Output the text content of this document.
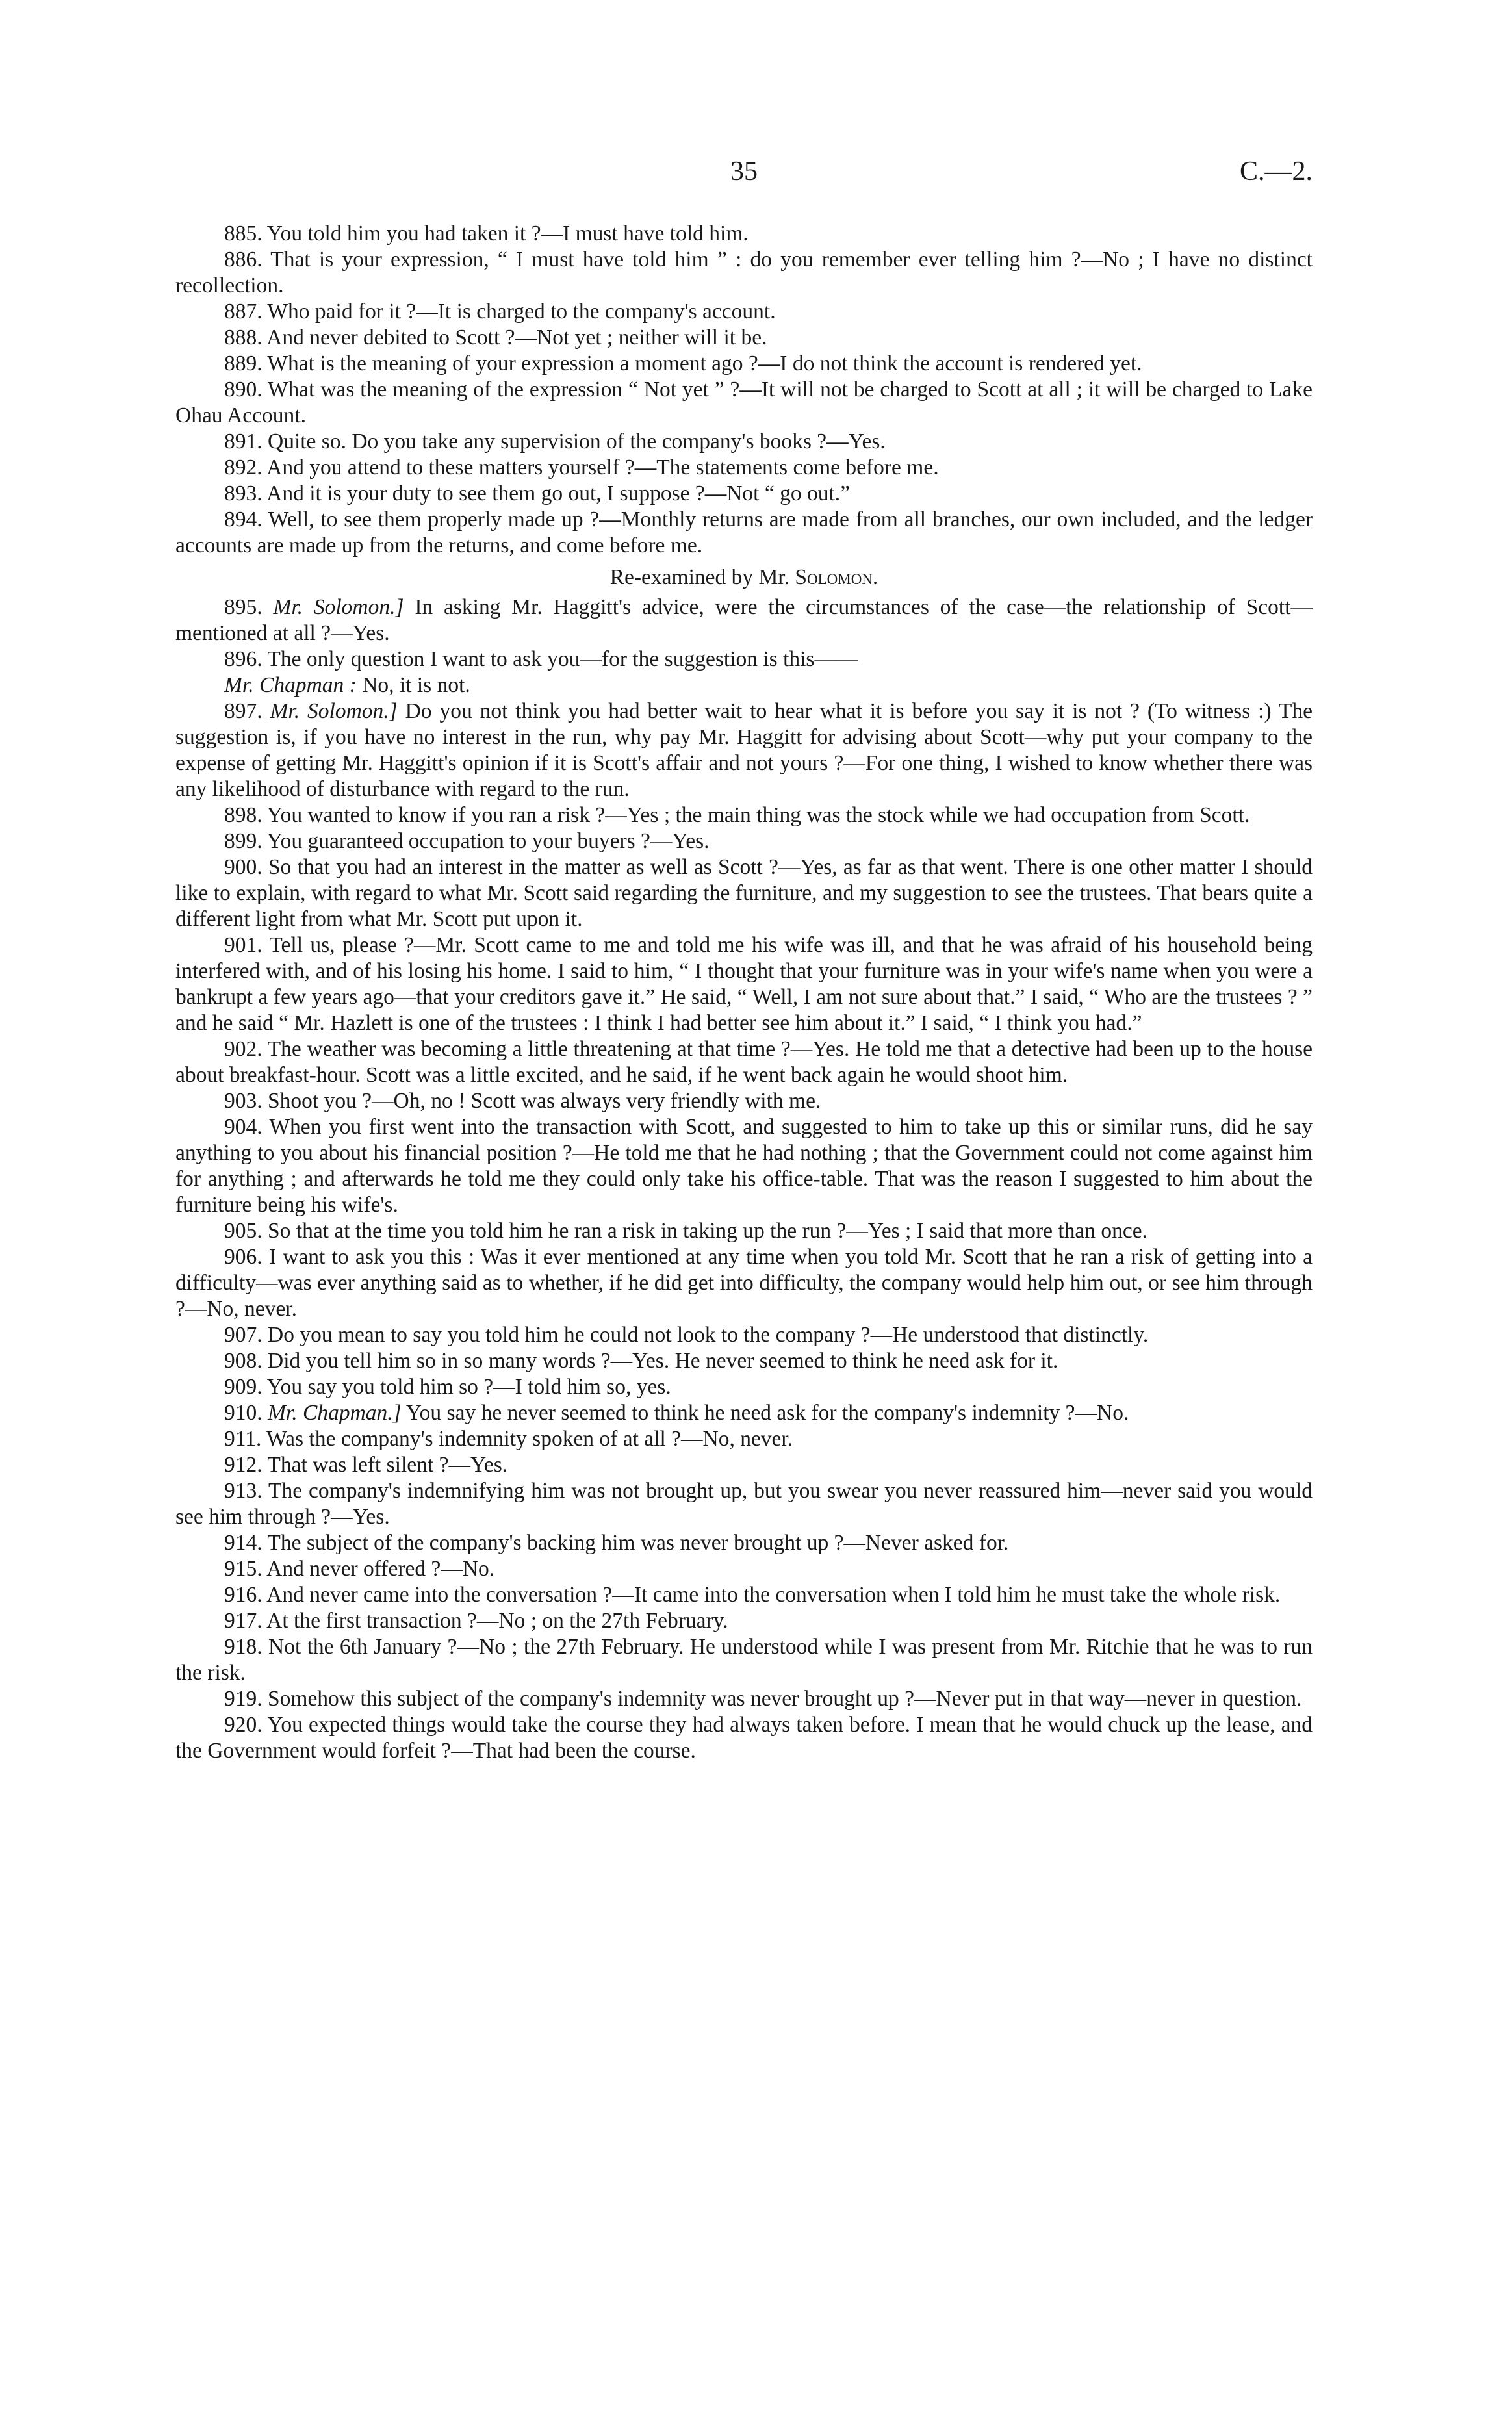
35	C.—2.

885. You told him you had taken it ?—I must have told him.

886. That is your expression, “ I must have told him ” : do you remember ever telling him ?—No ; I have no distinct recollection.

887. Who paid for it ?—It is charged to the company's account.

888. And never debited to Scott ?—Not yet ; neither will it be.

889. What is the meaning of your expression a moment ago ?—I do not think the account is rendered yet.

890. What was the meaning of the expression “ Not yet ” ?—It will not be charged to Scott at all ; it will be charged to Lake Ohau Account.

891. Quite so. Do you take any supervision of the company's books ?—Yes.

892. And you attend to these matters yourself ?—The statements come before me.

893. And it is your duty to see them go out, I suppose ?—Not “ go out.”

894. Well, to see them properly made up ?—Monthly returns are made from all branches, our own included, and the ledger accounts are made up from the returns, and come before me.

Re-examined by Mr. Solomon.

895. Mr. Solomon.] In asking Mr. Haggitt's advice, were the circumstances of the case—the relationship of Scott—mentioned at all ?—Yes.

896. The only question I want to ask you—for the suggestion is this——

Mr. Chapman : No, it is not.

897. Mr. Solomon.] Do you not think you had better wait to hear what it is before you say it is not ? (To witness :) The suggestion is, if you have no interest in the run, why pay Mr. Haggitt for advising about Scott—why put your company to the expense of getting Mr. Haggitt's opinion if it is Scott's affair and not yours ?—For one thing, I wished to know whether there was any likelihood of disturbance with regard to the run.

898. You wanted to know if you ran a risk ?—Yes ; the main thing was the stock while we had occupation from Scott.

899. You guaranteed occupation to your buyers ?—Yes.

900. So that you had an interest in the matter as well as Scott ?—Yes, as far as that went. There is one other matter I should like to explain, with regard to what Mr. Scott said regarding the furniture, and my suggestion to see the trustees. That bears quite a different light from what Mr. Scott put upon it.

901. Tell us, please ?—Mr. Scott came to me and told me his wife was ill, and that he was afraid of his household being interfered with, and of his losing his home. I said to him, “ I thought that your furniture was in your wife's name when you were a bankrupt a few years ago—that your creditors gave it.” He said, “ Well, I am not sure about that.” I said, “ Who are the trustees ? ” and he said “ Mr. Hazlett is one of the trustees : I think I had better see him about it.” I said, “ I think you had.”

902. The weather was becoming a little threatening at that time ?—Yes. He told me that a detective had been up to the house about breakfast-hour. Scott was a little excited, and he said, if he went back again he would shoot him.

903. Shoot you ?—Oh, no ! Scott was always very friendly with me.

904. When you first went into the transaction with Scott, and suggested to him to take up this or similar runs, did he say anything to you about his financial position ?—He told me that he had nothing ; that the Government could not come against him for anything ; and afterwards he told me they could only take his office-table. That was the reason I suggested to him about the furniture being his wife's.

905. So that at the time you told him he ran a risk in taking up the run ?—Yes ; I said that more than once.

906. I want to ask you this : Was it ever mentioned at any time when you told Mr. Scott that he ran a risk of getting into a difficulty—was ever anything said as to whether, if he did get into difficulty, the company would help him out, or see him through ?—No, never.

907. Do you mean to say you told him he could not look to the company ?—He understood that distinctly.

908. Did you tell him so in so many words ?—Yes. He never seemed to think he need ask for it.

909. You say you told him so ?—I told him so, yes.

910. Mr. Chapman.] You say he never seemed to think he need ask for the company's indemnity ?—No.

911. Was the company's indemnity spoken of at all ?—No, never.

912. That was left silent ?—Yes.

913. The company's indemnifying him was not brought up, but you swear you never reassured him—never said you would see him through ?—Yes.

914. The subject of the company's backing him was never brought up ?—Never asked for.

915. And never offered ?—No.

916. And never came into the conversation ?—It came into the conversation when I told him he must take the whole risk.

917. At the first transaction ?—No ; on the 27th February.

918. Not the 6th January ?—No ; the 27th February. He understood while I was present from Mr. Ritchie that he was to run the risk.

919. Somehow this subject of the company's indemnity was never brought up ?—Never put in that way—never in question.

920. You expected things would take the course they had always taken before. I mean that he would chuck up the lease, and the Government would forfeit ?—That had been the course.
